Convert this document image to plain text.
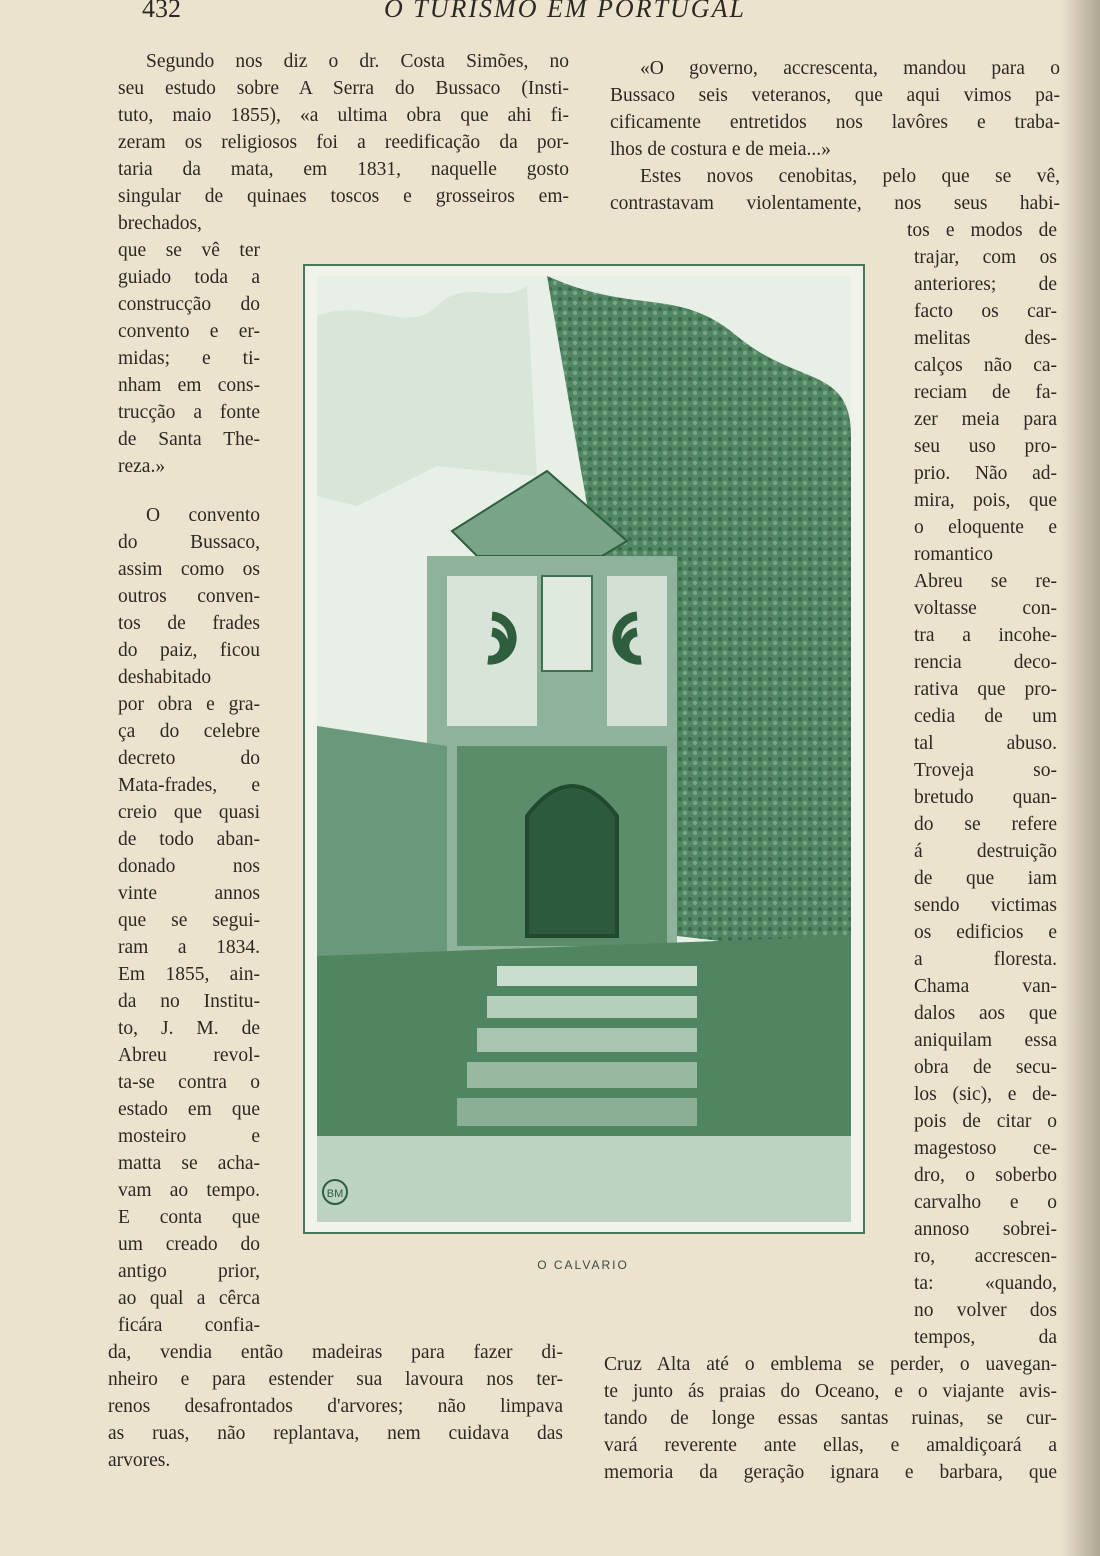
432	O TURISMO EM PORTUGAL
Segundo nos diz o dr. Costa Simões, no
seu estudo sobre A Serra do Bussaco (Insti-
tuto, maio 1855), «a ultima obra que ahi fi-
zeram os religiosos foi a reedificação da por-
taria da mata, em 1831, naquelle gosto
singular de quinaes toscos e grosseiros em-
brechados,
que se vê ter
guiado toda a
construcção do
convento e er-
midas; e ti-
nham em cons-
trucção a fonte
de Santa The-
reza.»
O convento
do Bussaco,
assim como os
outros conven-
tos de frades
do paiz, ficou
deshabitado
por obra e gra-
ça do celebre
decreto do
Mata-frades, e
creio que quasi
de todo aban-
donado nos
vinte annos
que se segui-
ram a 1834.
Em 1855, ain-
da no Institu-
to, J. M. de
Abreu revol-
ta-se contra o
estado em que
mosteiro e
matta se acha-
vam ao tempo.
E conta que
um creado do
antigo prior,
ao qual a cêrca
ficára confia-
da, vendia então madeiras para fazer di-
nheiro e para estender sua lavoura nos ter-
renos desafrontados d'arvores; não limpava
as ruas, não replantava, nem cuidava das
arvores.
«O governo, accrescenta, mandou para o
Bussaco seis veteranos, que aqui vimos pa-
cificamente entretidos nos lavôres e traba-
lhos de costura e de meia...»
Estes novos cenobitas, pelo que se vê,
contrastavam violentamente, nos seus habi-
tos e modos de
trajar, com os
anteriores; de
facto os car-
melitas des-
calços não ca-
reciam de fa-
zer meia para
seu uso pro-
prio. Não ad-
mira, pois, que
o eloquente e
romantico
Abreu se re-
voltasse con-
tra a incohe-
rencia deco-
rativa que pro-
cedia de um
tal abuso.
Troveja so-
bretudo quan-
do se refere
á destruição
de que iam
sendo victimas
os edificios e
a floresta.
Chama van-
dalos aos que
aniquilam essa
obra de secu-
los (sic), e de-
pois de citar o
magestoso ce-
dro, o soberbo
carvalho e o
annoso sobrei-
ro, accrescen-
ta: «quando,
no volver dos
tempos, da
Cruz Alta até o emblema se perder, o uavegan-
te junto ás praias do Oceano, e o viajante avis-
tando de longe essas santas ruinas, se cur-
vará reverente ante ellas, e amaldiçoará a
memoria da geração ignara e barbara, que
BM
O CALVARIO
